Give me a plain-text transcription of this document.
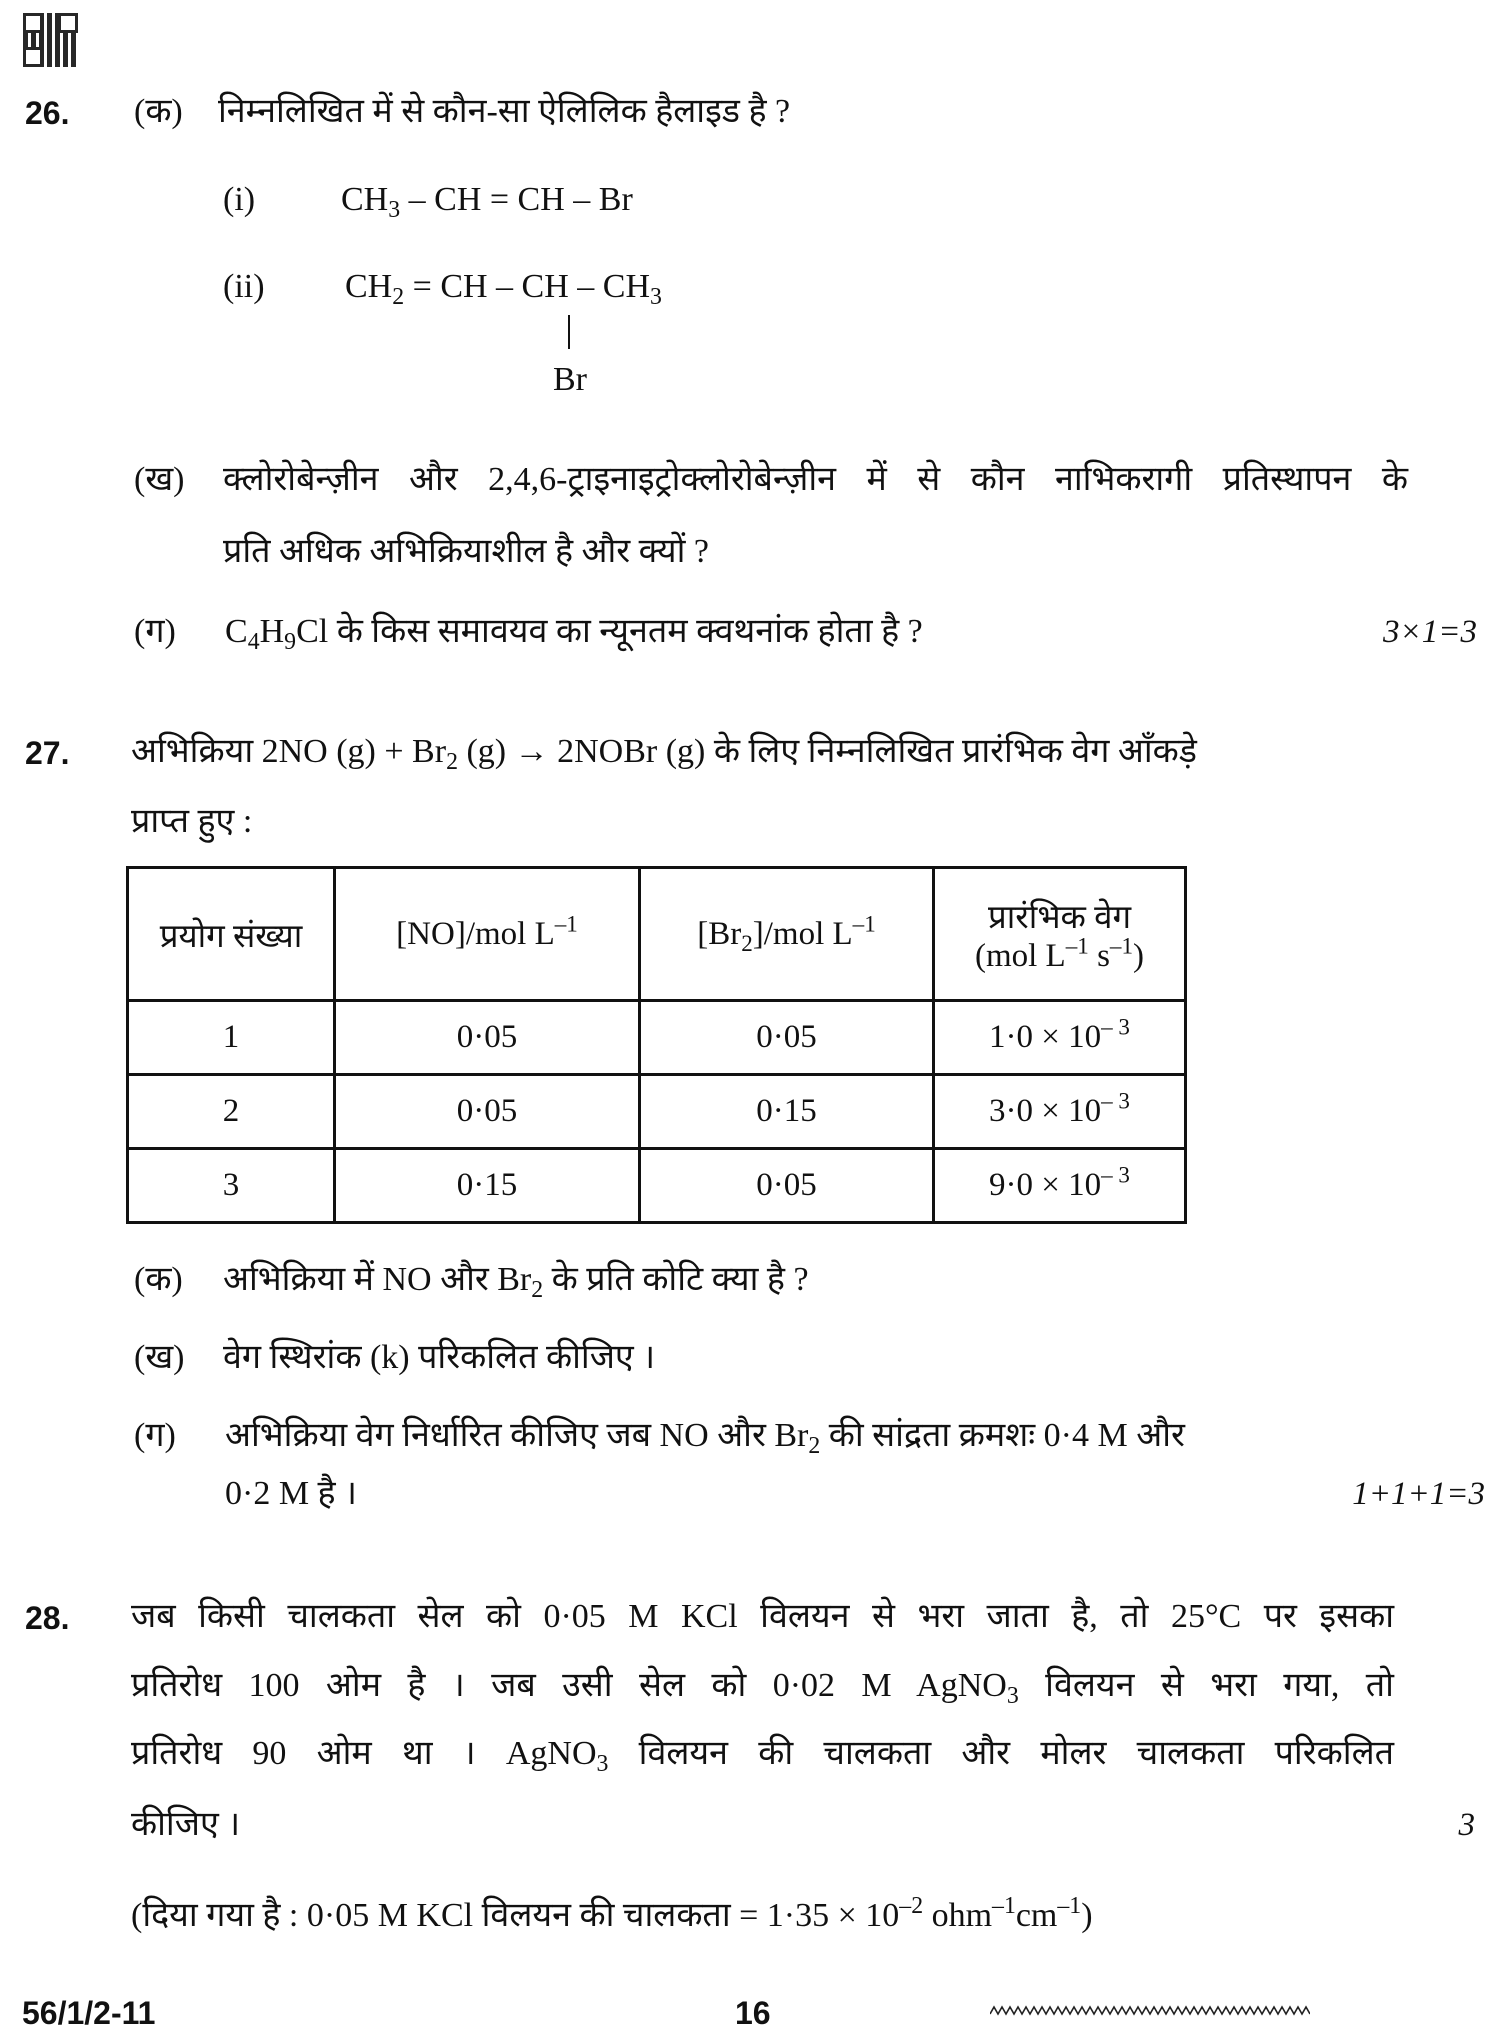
26. (क) निम्नलिखित में से कौन-सा ऐलिलिक हैलाइड है ?
(i)	$CH_3$ – CH = CH – Br
(ii) $CH_2$ = CH – CH – $CH_3$
Br
(ख) क्लोरोबेन्ज़ीन और 2,4,6-ट्राइनाइट्रोक्लोरोबेन्ज़ीन में से कौन नाभिकरागी प्रतिस्थापन के
प्रति अधिक अभिक्रियाशील है और क्यों ?
(ग) $C_4H_9Cl$ के किस समावयव का न्यूनतम क्वथनांक होता है ?	3×1=3
27. अभिक्रिया 2NO $(g) + Br_2$ (g) → 2NOBr (g) के लिए निम्नलिखित प्रारंभिक वेग आँकड़े
प्राप्त हुए :
प्रयोग संख्या	[NO]/mol $L^{-1}$	$[Br_2]$/mol $L^{-1}$	प्रारंभिक वेग
(mol $L^{-1}$ $s^{-1}$)

1	0·05	0·05	$1\cdot 0 \times 10^{- 3}$
2	0·05	0·15	$3\cdot 0 \times 10^{- 3}$
3	0·15	0·05	$9\cdot 0 \times 10^{- 3}$
(क) अभिक्रिया में NO और $Br_2$ के प्रति कोटि क्या है ?
(ख) वेग स्थिरांक (k) परिकलित कीजिए ।
(ग) अभिक्रिया वेग निर्धारित कीजिए जब NO और $Br_2$ की सांद्रता क्रमशः 0·4 M और
0·2 M है ।	1+1+1=3
28. जब किसी चालकता सेल को 0·05 M KCl विलयन से भरा जाता है, तो 25°C पर इसका
प्रतिरोध 100 ओम है । जब उसी सेल को 0·02 M AgNO$_3$ विलयन से भरा गया, तो
प्रतिरोध 90 ओम था । AgNO$_3$ विलयन की चालकता और मोलर चालकता परिकलित
कीजिए ।	3
(दिया गया है : 0·05 M KCl विलयन की चालकता = $1\cdot 35 \times 10^{-2}$ $ohm^{-1}cm^{-1}$)
56/1/2-11	16
